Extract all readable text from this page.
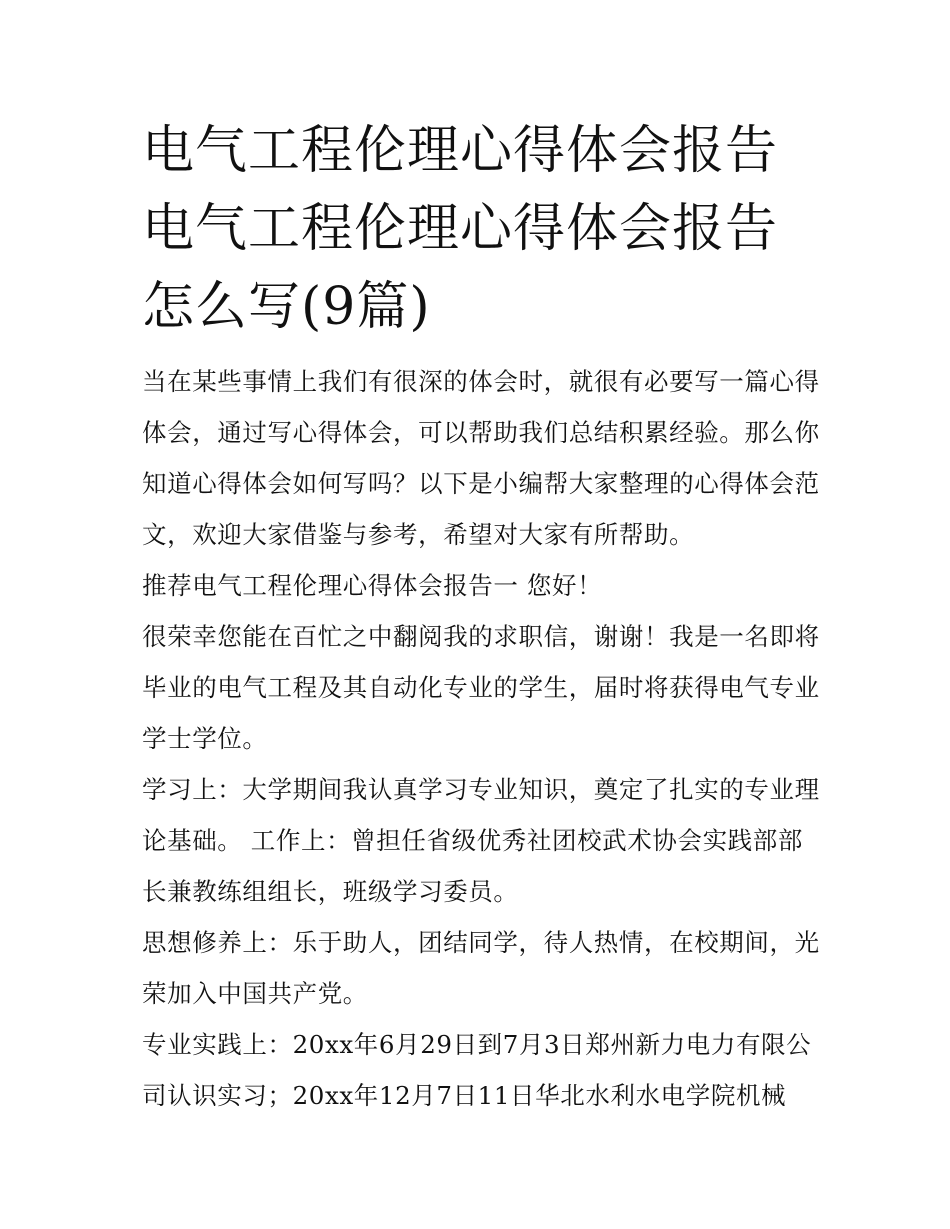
电气工程伦理心得体会报告 电气工程伦理心得体会报告怎么写(9篇)

当在某些事情上我们有很深的体会时，就很有必要写一篇心得体会，通过写心得体会，可以帮助我们总结积累经验。那么你知道心得体会如何写吗？以下是小编帮大家整理的心得体会范文，欢迎大家借鉴与参考，希望对大家有所帮助。

推荐电气工程伦理心得体会报告一 您好！

很荣幸您能在百忙之中翻阅我的求职信，谢谢！我是一名即将毕业的电气工程及其自动化专业的学生，届时将获得电气专业学士学位。

学习上：大学期间我认真学习专业知识，奠定了扎实的专业理论基础。 工作上：曾担任省级优秀社团校武术协会实践部部长兼教练组组长，班级学习委员。

思想修养上：乐于助人，团结同学，待人热情，在校期间，光荣加入中国共产党。

专业实践上：20xx年6月29日到7月3日郑州新力电力有限公司认识实习；20xx年12月7日11日华北水利水电学院机械
